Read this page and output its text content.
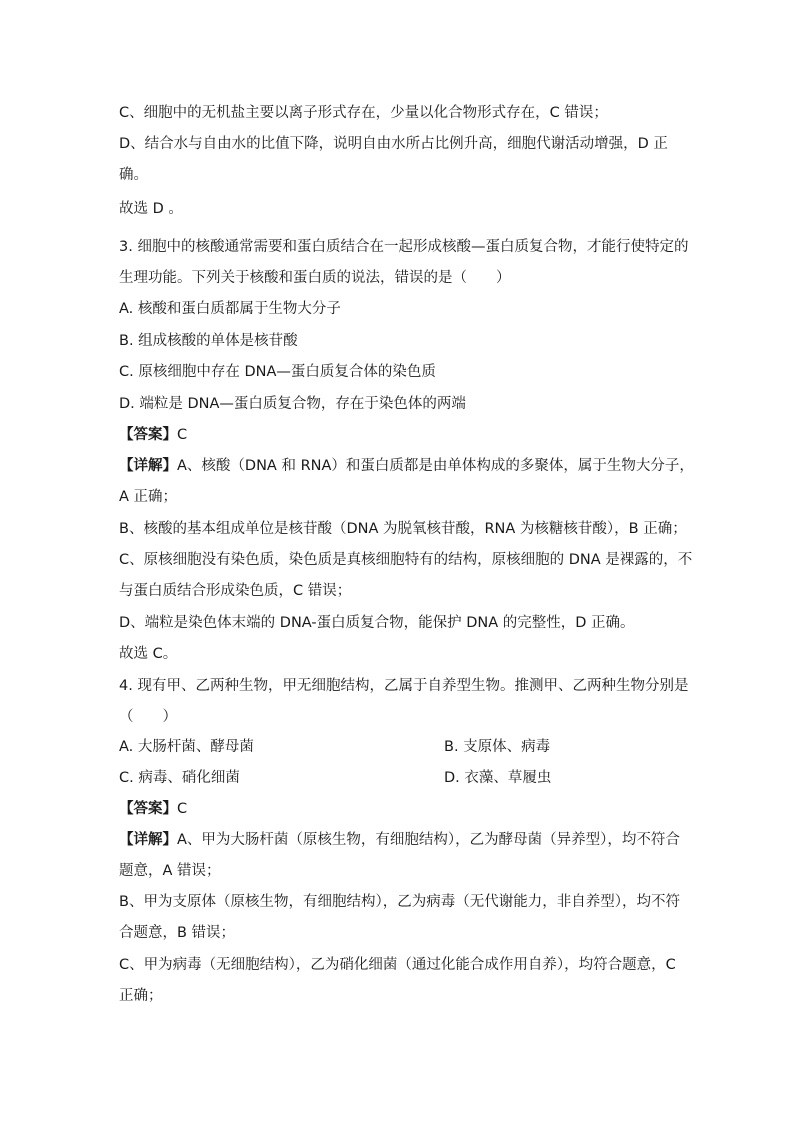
C、细胞中的无机盐主要以离子形式存在，少量以化合物形式存在，C 错误；
D、结合水与自由水的比值下降，说明自由水所占比例升高，细胞代谢活动增强，D 正
确。
故选 D 。
3. 细胞中的核酸通常需要和蛋白质结合在一起形成核酸—蛋白质复合物，才能行使特定的
生理功能。下列关于核酸和蛋白质的说法，错误的是（　　）
A. 核酸和蛋白质都属于生物大分子
B. 组成核酸的单体是核苷酸
C. 原核细胞中存在 DNA—蛋白质复合体的染色质
D. 端粒是 DNA—蛋白质复合物，存在于染色体的两端
【答案】C
【详解】A、核酸（DNA 和 RNA）和蛋白质都是由单体构成的多聚体，属于生物大分子，
A 正确；
B、核酸的基本组成单位是核苷酸（DNA 为脱氧核苷酸，RNA 为核糖核苷酸），B 正确；
C、原核细胞没有染色质，染色质是真核细胞特有的结构，原核细胞的 DNA 是裸露的，不
与蛋白质结合形成染色质，C 错误；
D、端粒是染色体末端的 DNA-蛋白质复合物，能保护 DNA 的完整性，D 正确。
故选 C。
4. 现有甲、乙两种生物，甲无细胞结构，乙属于自养型生物。推测甲、乙两种生物分别是
（　　）
A. 大肠杆菌、酵母菌	B. 支原体、病毒
C. 病毒、硝化细菌	D. 衣藻、草履虫
【答案】C
【详解】A、甲为大肠杆菌（原核生物，有细胞结构），乙为酵母菌（异养型），均不符合
题意，A 错误；
B、甲为支原体（原核生物，有细胞结构），乙为病毒（无代谢能力，非自养型），均不符
合题意，B 错误；
C、甲为病毒（无细胞结构），乙为硝化细菌（通过化能合成作用自养），均符合题意，C
正确；
